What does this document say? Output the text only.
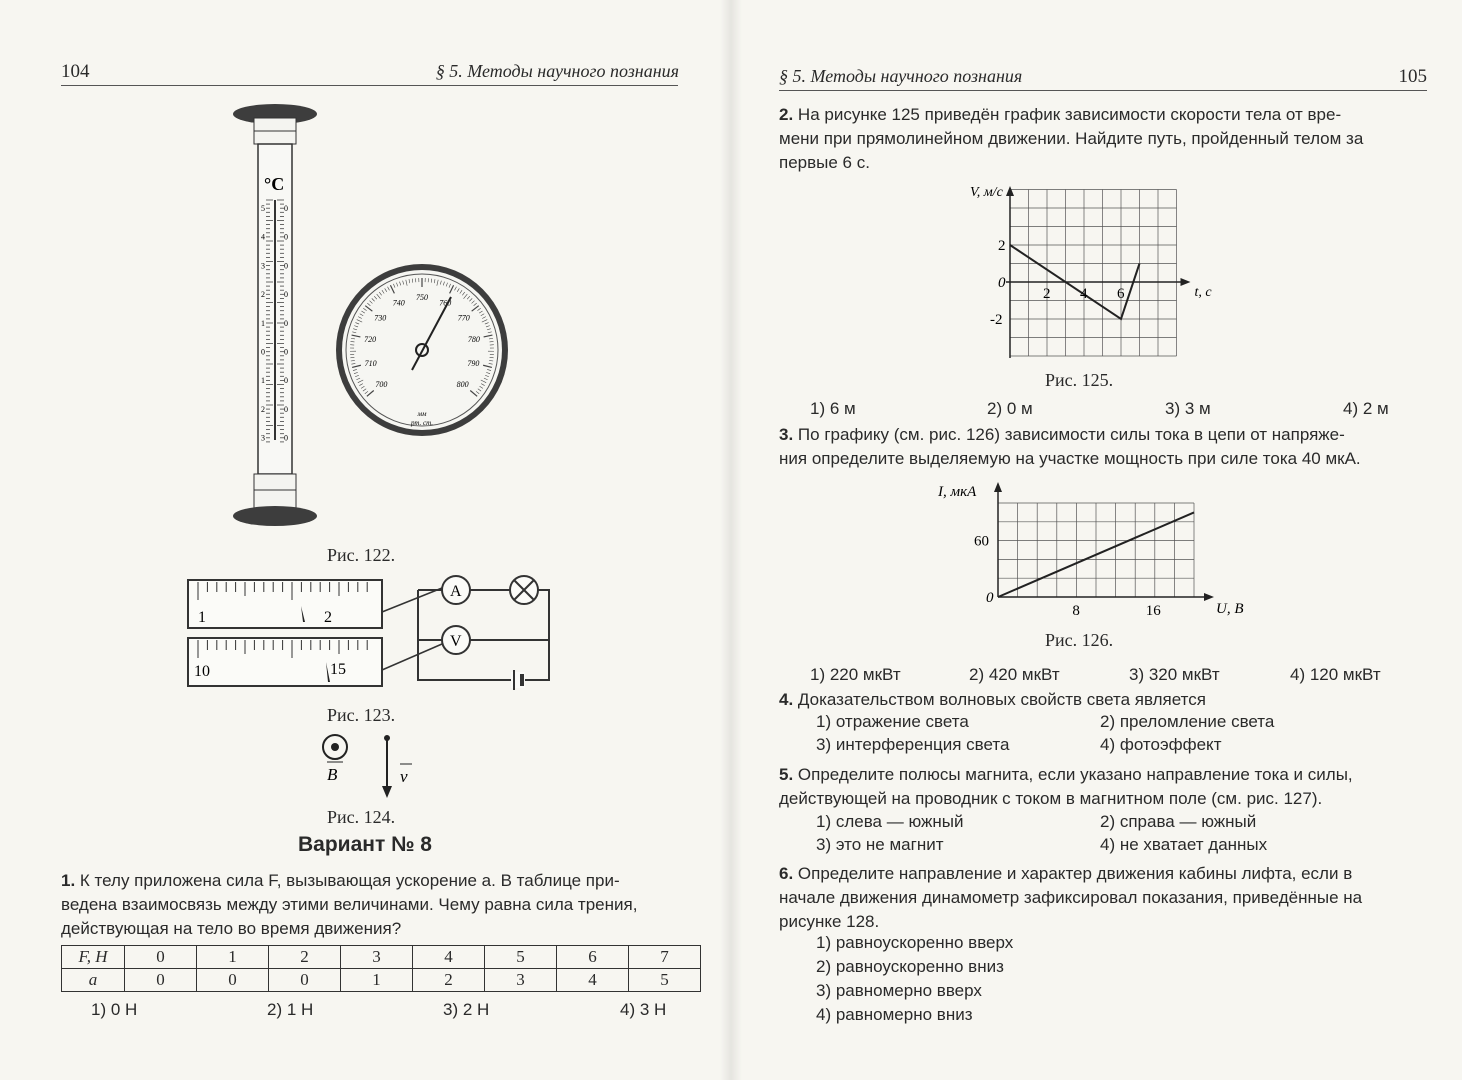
104	§ 5. Методы научного познания
°C
5
4
3
2
1
0
1
2
3
0
0
0
0
0
0
0
0
0
700
710
720
730
740
750
760
770
780
790
800
мм
рт. ст.
Рис. 122.
1	2
10	15
A
V
Рис. 123.
B	v
Рис. 124.
Вариант № 8
1. К телу приложена сила F, вызывающая ускорение a. В таблице при-
ведена взаимосвязь между этими величинами. Чему равна сила трения,
действующая на тело во время движения?
F, Н	0	1	2	3	4	5	6	7
a	0	0	0	1	2	3	4	5
1) 0 Н	2) 1 Н	3) 2 Н	4) 3 Н
§ 5. Методы научного познания	105
2. На рисунке 125 приведён график зависимости скорости тела от вре-
мени при прямолинейном движении. Найдите путь, пройденный телом за
первые 6 с.
V, м/с
t, с
2 4 6
2
0
-2
Рис. 125.
1) 6 м	2) 0 м	3) 3 м	4) 2 м
3. По графику (см. рис. 126) зависимости силы тока в цепи от напряже-
ния определите выделяемую на участке мощность при силе тока 40 мкА.
I, мкА
U, В
0
8	16
60
Рис. 126.
1) 220 мкВт	2) 420 мкВт	3) 320 мкВт	4) 120 мкВт
4. Доказательством волновых свойств света является
1) отражение света	2) преломление света
3) интерференция света	4) фотоэффект
5. Определите полюсы магнита, если указано направление тока и силы,
действующей на проводник с током в магнитном поле (см. рис. 127).
1) слева — южный	2) справа — южный
3) это не магнит	4) не хватает данных
6. Определите направление и характер движения кабины лифта, если в
начале движения динамометр зафиксировал показания, приведённые на
рисунке 128.
1) равноускоренно вверх
2) равноускоренно вниз
3) равномерно вверх
4) равномерно вниз
